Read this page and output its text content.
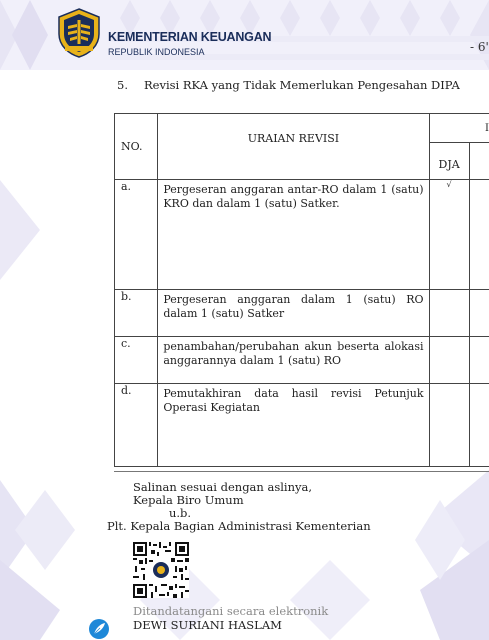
KEMENTERIAN KEUANGAN
REPUBLIK INDONESIA	- 6'
5. Revisi RKA yang Tidak Memerlukan Pengesahan DIPA
NO.	URAIAN REVISI		
		DJA	I
a.	Pergeseran anggaran antar-RO dalam 1 (satu) KRO dan dalam 1 (satu) Satker.	√	
b.	Pergeseran anggaran dalam 1 (satu) RO dalam 1 (satu) Satker		
c.	penambahan/perubahan akun beserta alokasi anggarannya dalam 1 (satu) RO		
d.	Pemutakhiran data hasil revisi Petunjuk Operasi Kegiatan		
Salinan sesuai dengan aslinya,
Kepala Biro Umum
u.b.
Plt. Kepala Bagian Administrasi Kementerian
Ditandatangani secara elektronik
DEWI SURIANI HASLAM
